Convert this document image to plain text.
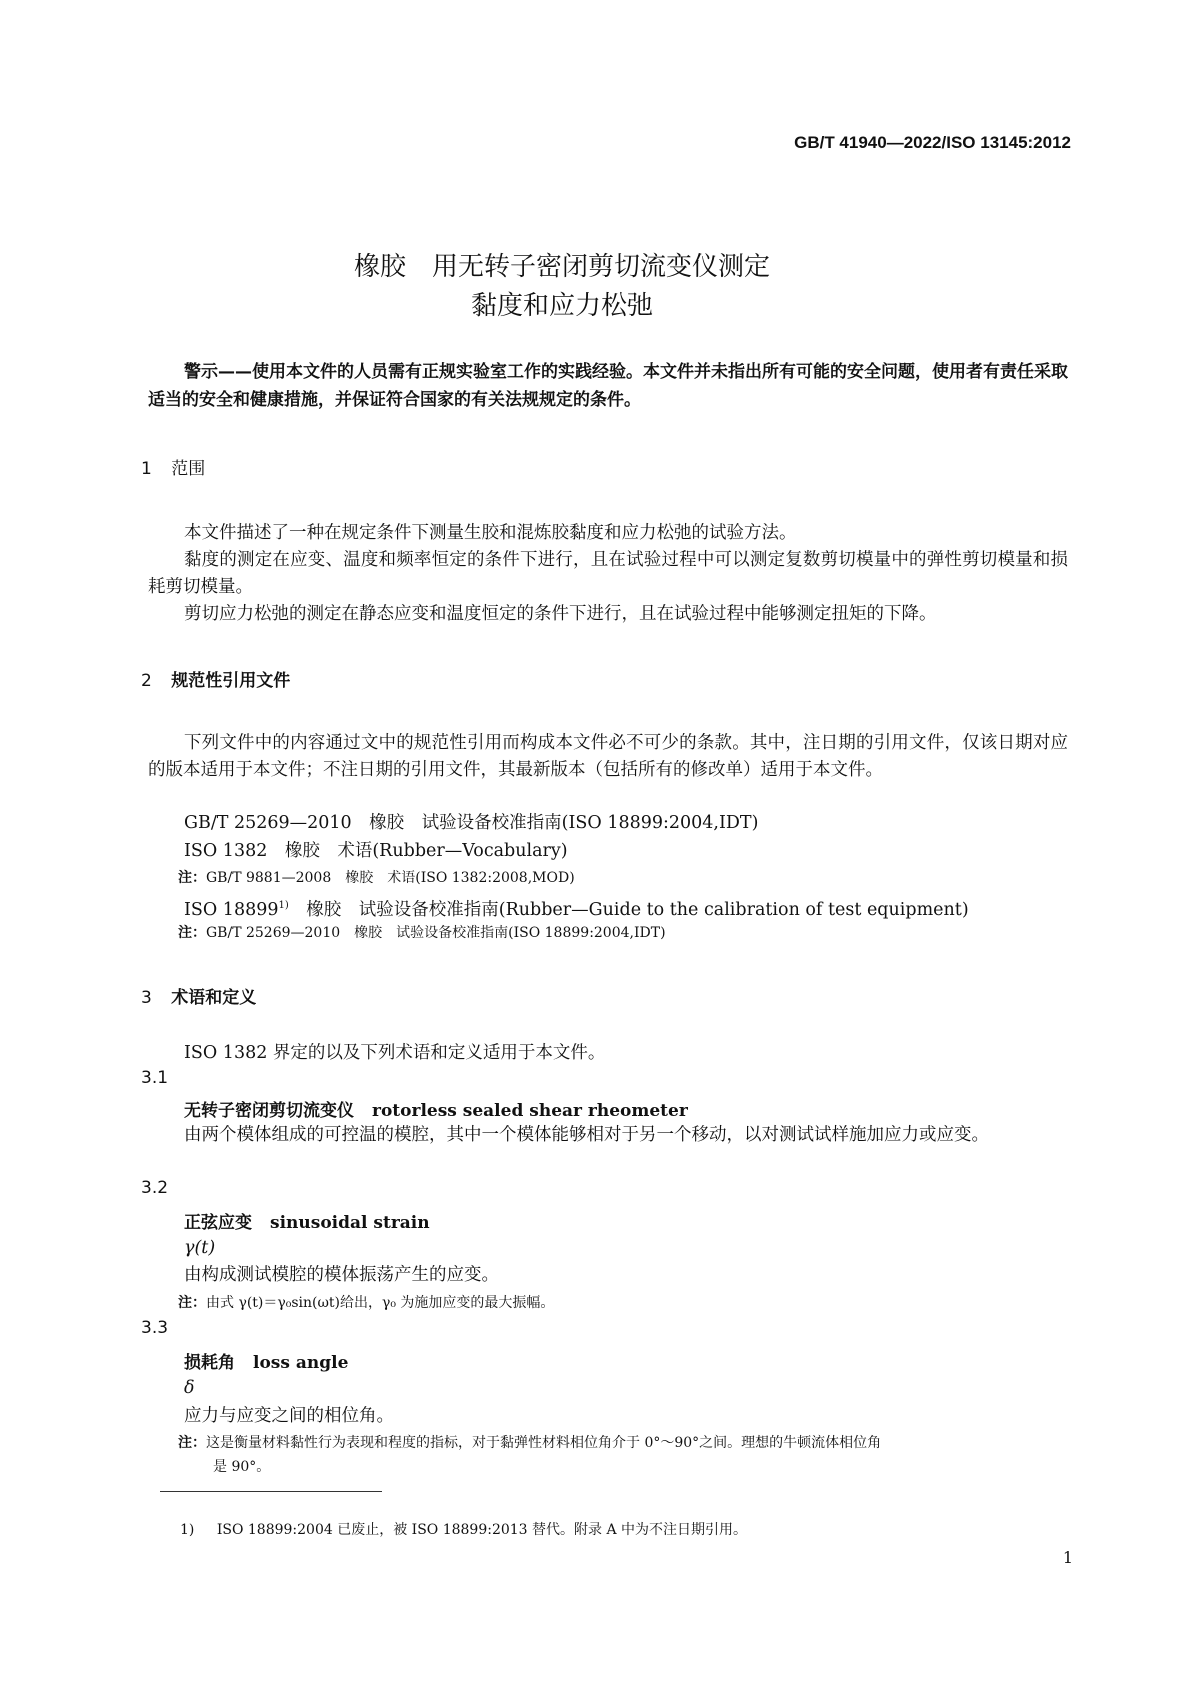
GB/T 41940—2022/ISO 13145:2012
橡胶　用无转子密闭剪切流变仪测定
黏度和应力松弛
警示——使用本文件的人员需有正规实验室工作的实践经验。本文件并未指出所有可能的安全问题，使用者有责任采取适当的安全和健康措施，并保证符合国家的有关法规规定的条件。
1 范围
本文件描述了一种在规定条件下测量生胶和混炼胶黏度和应力松弛的试验方法。
黏度的测定在应变、温度和频率恒定的条件下进行，且在试验过程中可以测定复数剪切模量中的弹性剪切模量和损耗剪切模量。
剪切应力松弛的测定在静态应变和温度恒定的条件下进行，且在试验过程中能够测定扭矩的下降。
2 规范性引用文件
下列文件中的内容通过文中的规范性引用而构成本文件必不可少的条款。其中，注日期的引用文件，仅该日期对应的版本适用于本文件；不注日期的引用文件，其最新版本（包括所有的修改单）适用于本文件。
GB/T 25269—2010　橡胶　试验设备校准指南(ISO 18899:2004,IDT)
ISO 1382　橡胶　术语(Rubber—Vocabulary)
注：GB/T 9881—2008　橡胶　术语(ISO 1382:2008,MOD)
ISO 18899$^{1)}$　橡胶　试验设备校准指南(Rubber—Guide to the calibration of test equipment)
注：GB/T 25269—2010　橡胶　试验设备校准指南(ISO 18899:2004,IDT)
3 术语和定义
ISO 1382 界定的以及下列术语和定义适用于本文件。
3.1
无转子密闭剪切流变仪 rotorless sealed shear rheometer
由两个模体组成的可控温的模腔，其中一个模体能够相对于另一个移动，以对测试试样施加应力或应变。
3.2
正弦应变 sinusoidal strain
γ(t)
由构成测试模腔的模体振荡产生的应变。
注：由式 γ(t)＝γ₀sin(ωt)给出，γ₀ 为施加应变的最大振幅。
3.3
损耗角 loss angle
δ
应力与应变之间的相位角。
注：这是衡量材料黏性行为表现和程度的指标，对于黏弹性材料相位角介于 0°～90°之间。理想的牛顿流体相位角
是 90°。
1) ISO 18899:2004 已废止，被 ISO 18899:2013 替代。附录 A 中为不注日期引用。
1
